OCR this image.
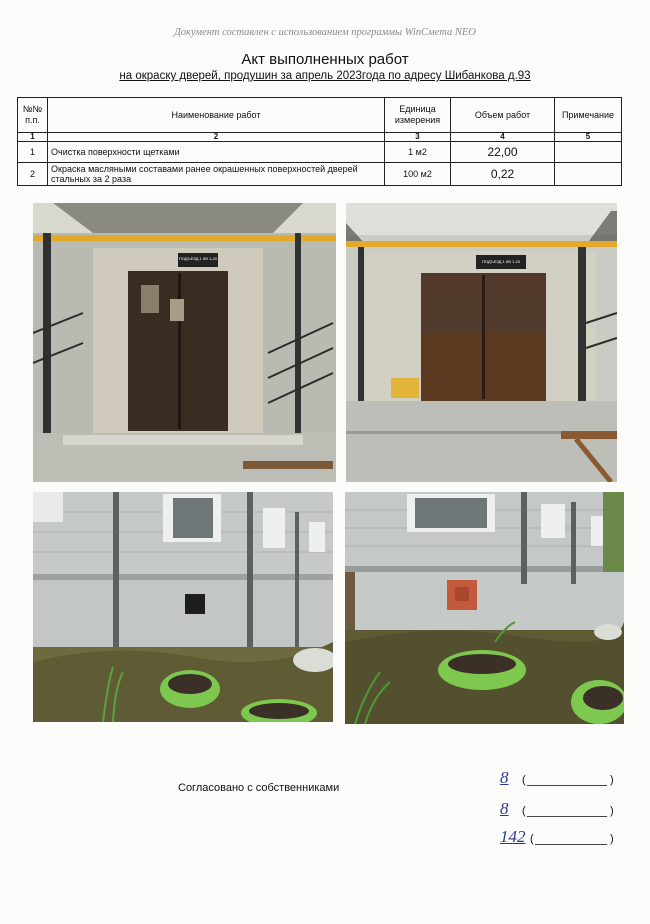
Документ составлен с использованием программы WinСмета NEO
Акт выполненных работ
на окраску дверей, продушин за апрель 2023года по адресу Шибанкова д.93
№№ п.п.	Наименование работ	Единица измерения	Объем работ	Примечание
1	2	3	4	5
1	Очистка поверхности щетками	1 м2	22,00	
2	Окраска масляными составами ранее окрашенных поверхностей дверей стальных за 2 раза	100 м2	0,22	
ПОДЪЕЗД 1 КВ 1-20
ПОДЪЕЗД 1 КВ 1-20
Согласовано с собственниками
8 (	)
8 (	)
142 (	)
